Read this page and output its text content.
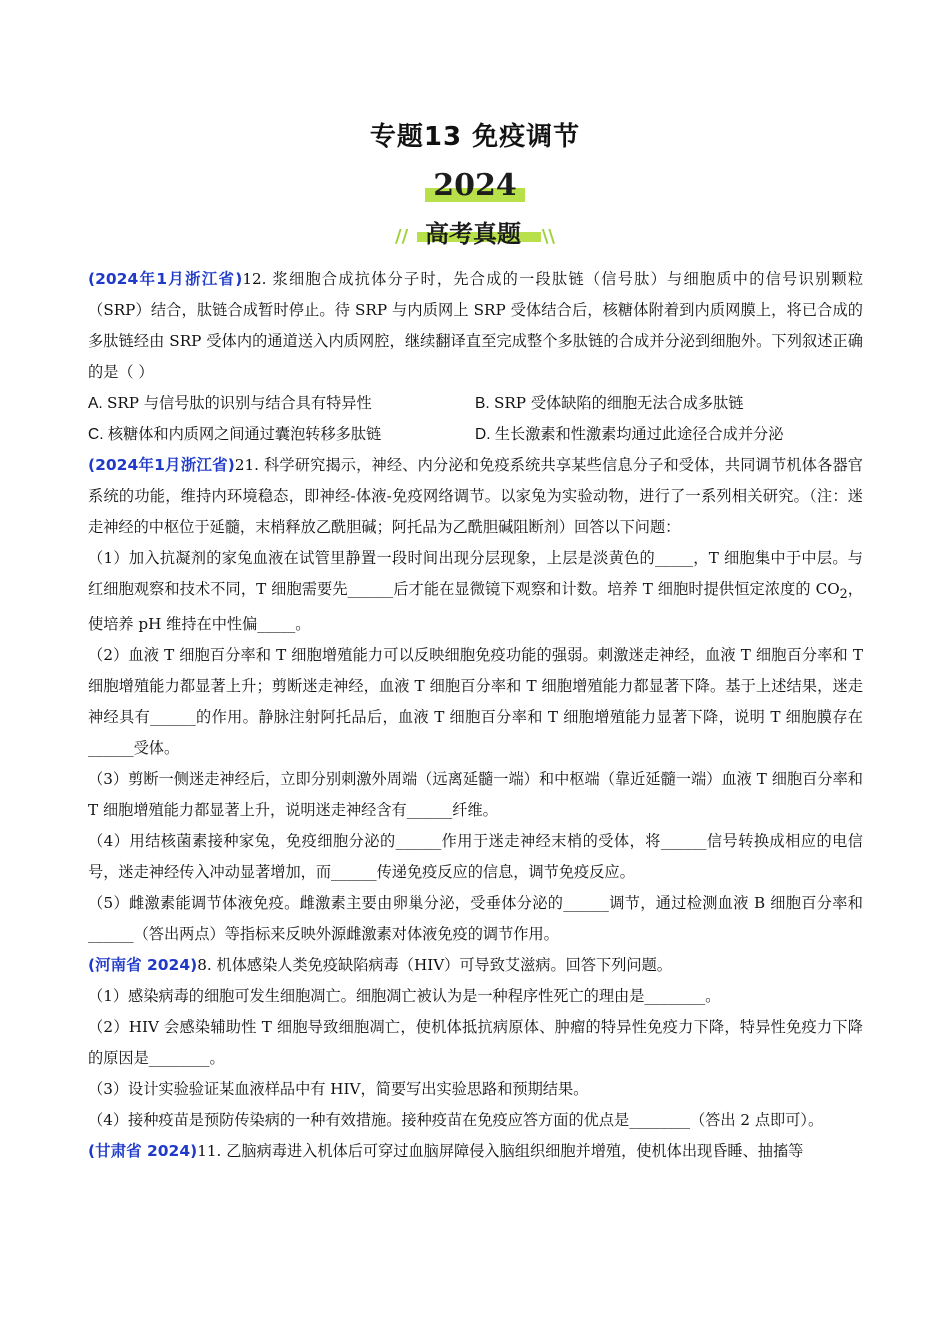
专题13 免疫调节
2024
// 高考真题	\\

(2024年1月浙江省)12. 浆细胞合成抗体分子时，先合成的一段肽链（信号肽）与细胞质中的信号识别颗粒（SRP）结合，肽链合成暂时停止。待 SRP 与内质网上 SRP 受体结合后，核糖体附着到内质网膜上，将已合成的多肽链经由 SRP 受体内的通道送入内质网腔，继续翻译直至完成整个多肽链的合成并分泌到细胞外。下列叙述正确的是（ ）

A. SRP 与信号肽的识别与结合具有特异性	B. SRP 受体缺陷的细胞无法合成多肽链
C. 核糖体和内质网之间通过囊泡转移多肽链	D. 生长激素和性激素均通过此途径合成并分泌

(2024年1月浙江省)21. 科学研究揭示，神经、内分泌和免疫系统共享某些信息分子和受体，共同调节机体各器官系统的功能，维持内环境稳态，即神经-体液-免疫网络调节。以家兔为实验动物，进行了一系列相关研究。（注：迷走神经的中枢位于延髓，末梢释放乙酰胆碱；阿托品为乙酰胆碱阻断剂）回答以下问题：

（1）加入抗凝剂的家兔血液在试管里静置一段时间出现分层现象，上层是淡黄色的_____，T 细胞集中于中层。与红细胞观察和技术不同，T 细胞需要先______后才能在显微镜下观察和计数。培养 T 细胞时提供恒定浓度的 $CO_2$，使培养 pH 维持在中性偏_____。

（2）血液 T 细胞百分率和 T 细胞增殖能力可以反映细胞免疫功能的强弱。刺激迷走神经，血液 T 细胞百分率和 T 细胞增殖能力都显著上升；剪断迷走神经，血液 T 细胞百分率和 T 细胞增殖能力都显著下降。基于上述结果，迷走神经具有______的作用。静脉注射阿托品后，血液 T 细胞百分率和 T 细胞增殖能力显著下降，说明 T 细胞膜存在______受体。

（3）剪断一侧迷走神经后，立即分别刺激外周端（远离延髓一端）和中枢端（靠近延髓一端）血液 T 细胞百分率和 T 细胞增殖能力都显著上升，说明迷走神经含有______纤维。

（4）用结核菌素接种家兔，免疫细胞分泌的______作用于迷走神经末梢的受体，将______信号转换成相应的电信号，迷走神经传入冲动显著增加，而______传递免疫反应的信息，调节免疫反应。

（5）雌激素能调节体液免疫。雌激素主要由卵巢分泌，受垂体分泌的______调节，通过检测血液 B 细胞百分率和______（答出两点）等指标来反映外源雌激素对体液免疫的调节作用。

(河南省 2024)8. 机体感染人类免疫缺陷病毒（HIV）可导致艾滋病。回答下列问题。

（1）感染病毒的细胞可发生细胞凋亡。细胞凋亡被认为是一种程序性死亡的理由是________。

（2）HIV 会感染辅助性 T 细胞导致细胞凋亡，使机体抵抗病原体、肿瘤的特异性免疫力下降，特异性免疫力下降的原因是________。

（3）设计实验验证某血液样品中有 HIV，简要写出实验思路和预期结果。

（4）接种疫苗是预防传染病的一种有效措施。接种疫苗在免疫应答方面的优点是________（答出 2 点即可）。

(甘肃省 2024)11. 乙脑病毒进入机体后可穿过血脑屏障侵入脑组织细胞并增殖，使机体出现昏睡、抽搐等
